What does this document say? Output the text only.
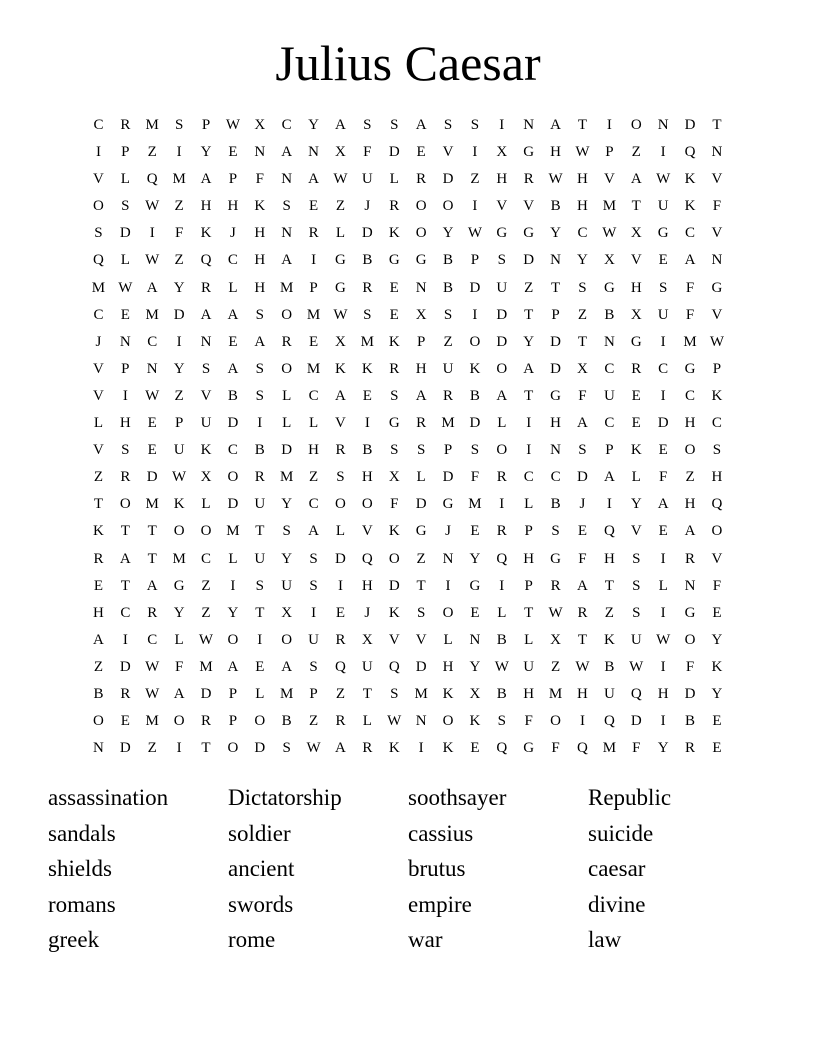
Julius Caesar
C	R	M	S	P	W X	C	Y	A	S	S	A	S	S	I	N	A	T	I	O	N	D	T
I	P	Z	I	Y	E	N	A	N	X	F	D	E	V	I	X	G	H W	P	Z	I	Q	N
V	L	Q M A	P	F	N	A W U	L	R	D	Z	H	R W H	V	A W K	V
O	S	W	Z	H	H	K	S	E	Z	J	R	O	O	I	V	V	B	H M	T	U	K	F
S	D	I	F	K	J	H	N	R	L	D	K	O	Y W G	G	Y	C W X	G	C	V
Q	L	W	Z	Q	C	H	A	I	G	B	G	G	B	P	S	D	N	Y	X	V	E	A	N
M W A	Y	R	L	H M	P	G	R	E	N	B	D	U	Z	T	S	G	H	S	F	G
C	E	M D	A	A	S	O M W	S	E	X	S	I	D	T	P	Z	B	X	U	F	V
J	N	C	I	N	E	A	R	E	X M K	P	Z	O	D	Y	D	T	N	G	I	M W
V	P	N	Y	S	A	S	O M K	K	R	H	U	K	O	A	D	X	C	R	C	G	P
V	I	W	Z	V	B	S	L	C	A	E	S	A	R	B	A	T	G	F	U	E	I	C	K
L	H	E	P	U	D	I	L	L	V	I	G	R	M D	L	I	H	A	C	E	D	H	C
V	S	E	U	K	C	B	D	H	R	B	S	S	P	S	O	I	N	S	P	K	E	O	S
Z	R	D W X	O	R	M	Z	S	H	X	L	D	F	R	C	C	D	A	L	F	Z	H
T	O M K	L	D	U	Y	C	O	O	F	D	G M	I	L	B	J	I	Y	A	H	Q
K	T	T	O	O M	T	S	A	L	V	K	G	J	E	R	P	S	E	Q	V	E	A	O
R	A	T	M	C	L	U	Y	S	D	Q	O	Z	N	Y	Q	H	G	F	H	S	I	R	V
E	T	A	G	Z	I	S	U	S	I	H	D	T	I	G	I	P	R	A	T	S	L	N	F
H	C	R	Y	Z	Y	T	X	I	E	J	K	S	O	E	L	T	W R	Z	S	I	G	E
A	I	C	L	W O	I	O	U	R	X	V	V	L	N	B	L	X	T	K	U W O	Y
Z	D W	F	M A	E	A	S	Q	U	Q	D	H	Y W U	Z	W B W	I	F	K
B	R W A	D	P	L	M	P	Z	T	S	M K	X	B	H M H	U	Q	H	D	Y
O	E	M O	R	P	O	B	Z	R	L	W N	O	K	S	F	O	I	Q	D	I	B	E
N	D	Z	I	T	O	D	S	W A	R	K	I	K	E	Q	G	F	Q M	F	Y	R	E
assassination	Dictatorship	soothsayer	Republic
sandals	soldier	cassius	suicide
shields	ancient	brutus	caesar
romans	swords	empire	divine
greek	rome	war	law
